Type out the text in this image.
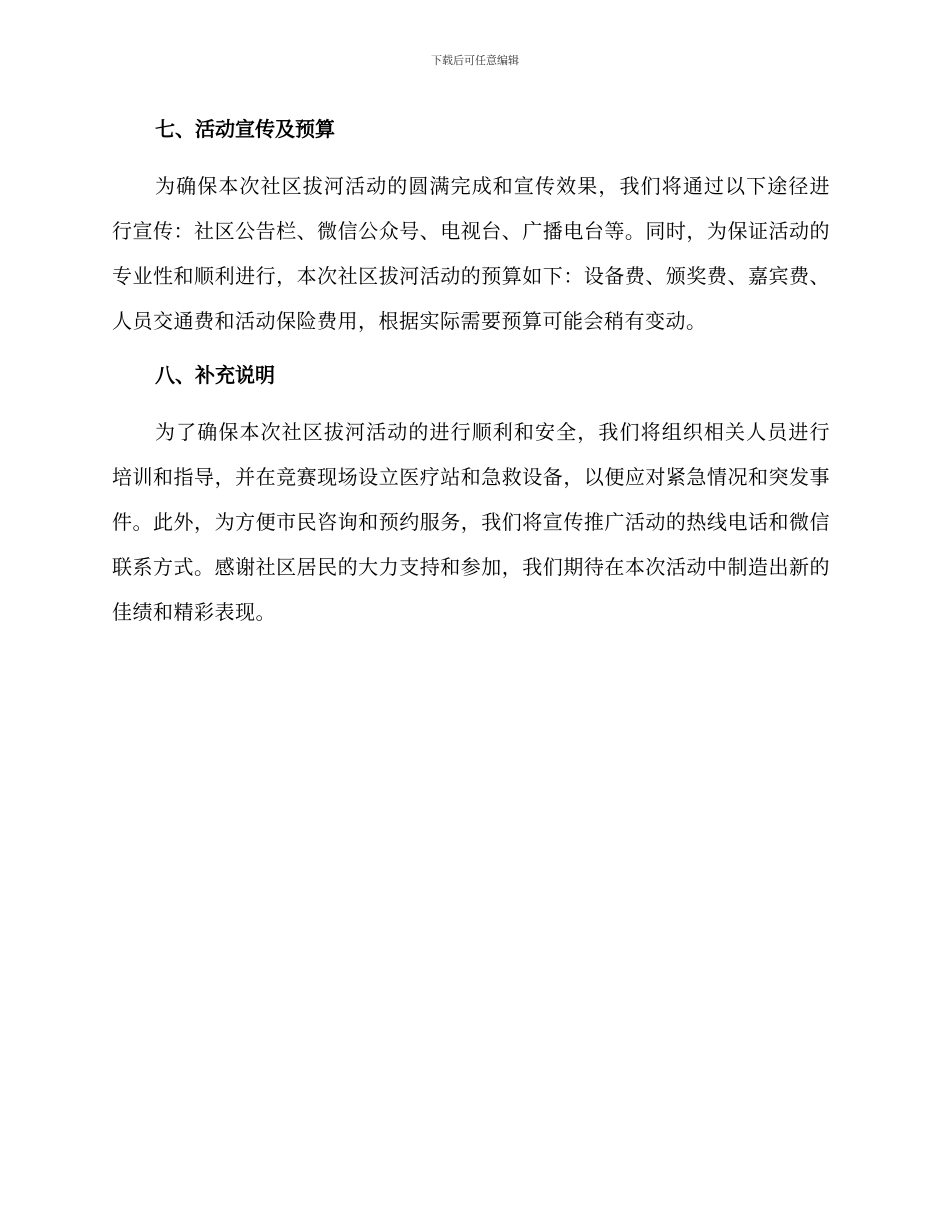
下载后可任意编辑
七、活动宣传及预算

为确保本次社区拔河活动的圆满完成和宣传效果，我们将通过以下途径进行宣传：社区公告栏、微信公众号、电视台、广播电台等。同时，为保证活动的专业性和顺利进行，本次社区拔河活动的预算如下：设备费、颁奖费、嘉宾费、人员交通费和活动保险费用，根据实际需要预算可能会稍有变动。

八、补充说明

为了确保本次社区拔河活动的进行顺利和安全，我们将组织相关人员进行培训和指导，并在竞赛现场设立医疗站和急救设备，以便应对紧急情况和突发事件。此外，为方便市民咨询和预约服务，我们将宣传推广活动的热线电话和微信联系方式。感谢社区居民的大力支持和参加，我们期待在本次活动中制造出新的佳绩和精彩表现。
